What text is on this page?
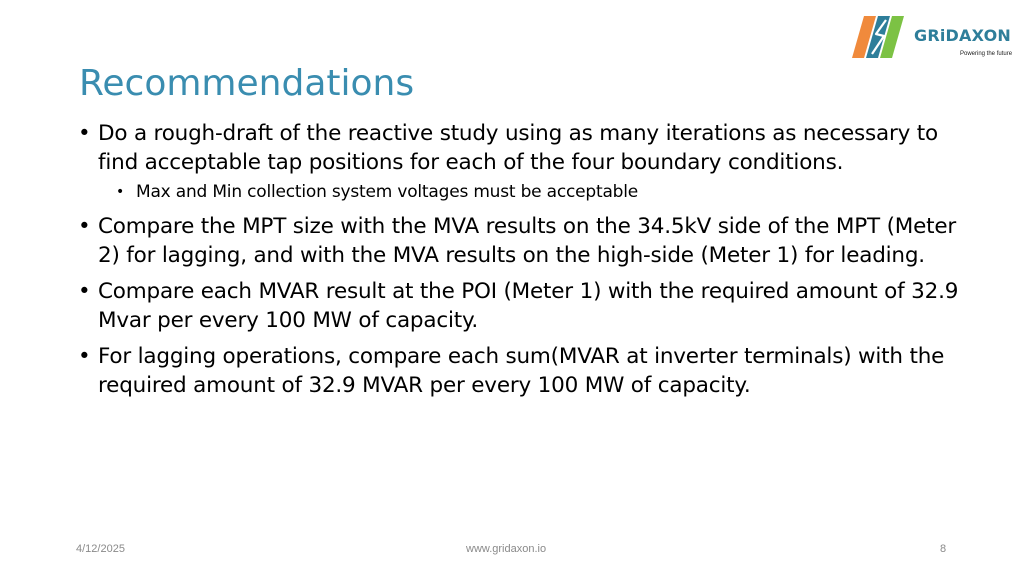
GRiDAXON
Powering the future
Recommendations
• Do a rough-draft of the reactive study using as many iterations as necessary to find acceptable tap positions for each of the four boundary conditions.
• Max and Min collection system voltages must be acceptable
• Compare the MPT size with the MVA results on the 34.5kV side of the MPT (Meter 2) for lagging, and with the MVA results on the high-side (Meter 1) for leading.
• Compare each MVAR result at the POI (Meter 1) with the required amount of 32.9 Mvar per every 100 MW of capacity.
• For lagging operations, compare each sum(MVAR at inverter terminals) with the required amount of 32.9 MVAR per every 100 MW of capacity.
4/12/2025	www.gridaxon.io	8
